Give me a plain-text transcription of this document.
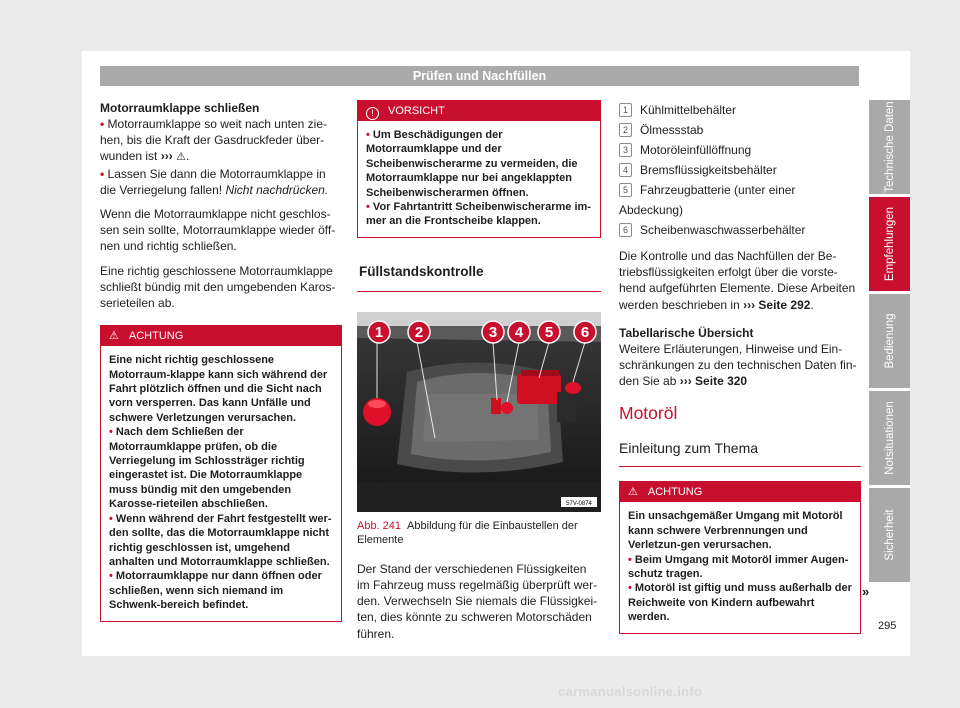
Prüfen und Nachfüllen
Motorraumklappe schließen
• Motorraumklappe so weit nach unten zie-hen, bis die Kraft der Gasdruckfeder über-wunden ist ››› ⚠.
• Lassen Sie dann die Motorraumklappe in die Verriegelung fallen! Nicht nachdrücken.
Wenn die Motorraumklappe nicht geschlos-sen sein sollte, Motorraumklappe wieder öff-nen und richtig schließen.
Eine richtig geschlossene Motorraumklappe schließt bündig mit den umgebenden Karos-serieteilen ab.
⚠ ACHTUNG
Eine nicht richtig geschlossene Motorraum-klappe kann sich während der Fahrt plötzlich öffnen und die Sicht nach vorn versperren. Das kann Unfälle und schwere Verletzungen verursachen.
• Nach dem Schließen der Motorraumklappe prüfen, ob die Verriegelung im Schlossträger richtig eingerastet ist. Die Motorraumklappe muss bündig mit den umgebenden Karosse-rieteilen abschließen.
• Wenn während der Fahrt festgestellt wer-den sollte, das die Motorraumklappe nicht richtig geschlossen ist, umgehend anhalten und Motorraumklappe schließen.
• Motorraumklappe nur dann öffnen oder schließen, wenn sich niemand im Schwenk-bereich befindet.
! VORSICHT
• Um Beschädigungen der Motorraumklappe und der Scheibenwischerarme zu vermeiden, die Motorraumklappe nur bei angeklappten Scheibenwischerarmen öffnen.
• Vor Fahrtantritt Scheibenwischerarme im-mer an die Frontscheibe klappen.
Füllstandskontrolle
57V-0874
1 2	3 4 5 6
Abb. 241 Abbildung für die Einbaustellen der Elemente
Der Stand der verschiedenen Flüssigkeiten im Fahrzeug muss regelmäßig überprüft wer-den. Verwechseln Sie niemals die Flüssigkei-ten, dies könnte zu schweren Motorschäden führen.
1 Kühlmittelbehälter
2 Ölmessstab
3 Motoröleinfüllöffnung
4 Bremsflüssigkeitsbehälter
5 Fahrzeugbatterie (unter einer Abdeckung)
6 Scheibenwaschwasserbehälter
Die Kontrolle und das Nachfüllen der Be-triebsflüssigkeiten erfolgt über die vorste-hend aufgeführten Elemente. Diese Arbeiten werden beschrieben in ››› Seite 292.
Tabellarische Übersicht
Weitere Erläuterungen, Hinweise und Ein-schränkungen zu den technischen Daten fin-den Sie ab ››› Seite 320
Motoröl
Einleitung zum Thema
⚠ ACHTUNG
Ein unsachgemäßer Umgang mit Motoröl kann schwere Verbrennungen und Verletzun-gen verursachen.
• Beim Umgang mit Motoröl immer Augen-schutz tragen.
• Motoröl ist giftig und muss außerhalb der Reichweite von Kindern aufbewahrt werden.
»
Technische Daten
Empfehlungen
Bedienung
Notsituationen
Sicherheit
295
carmanualsonline.info
